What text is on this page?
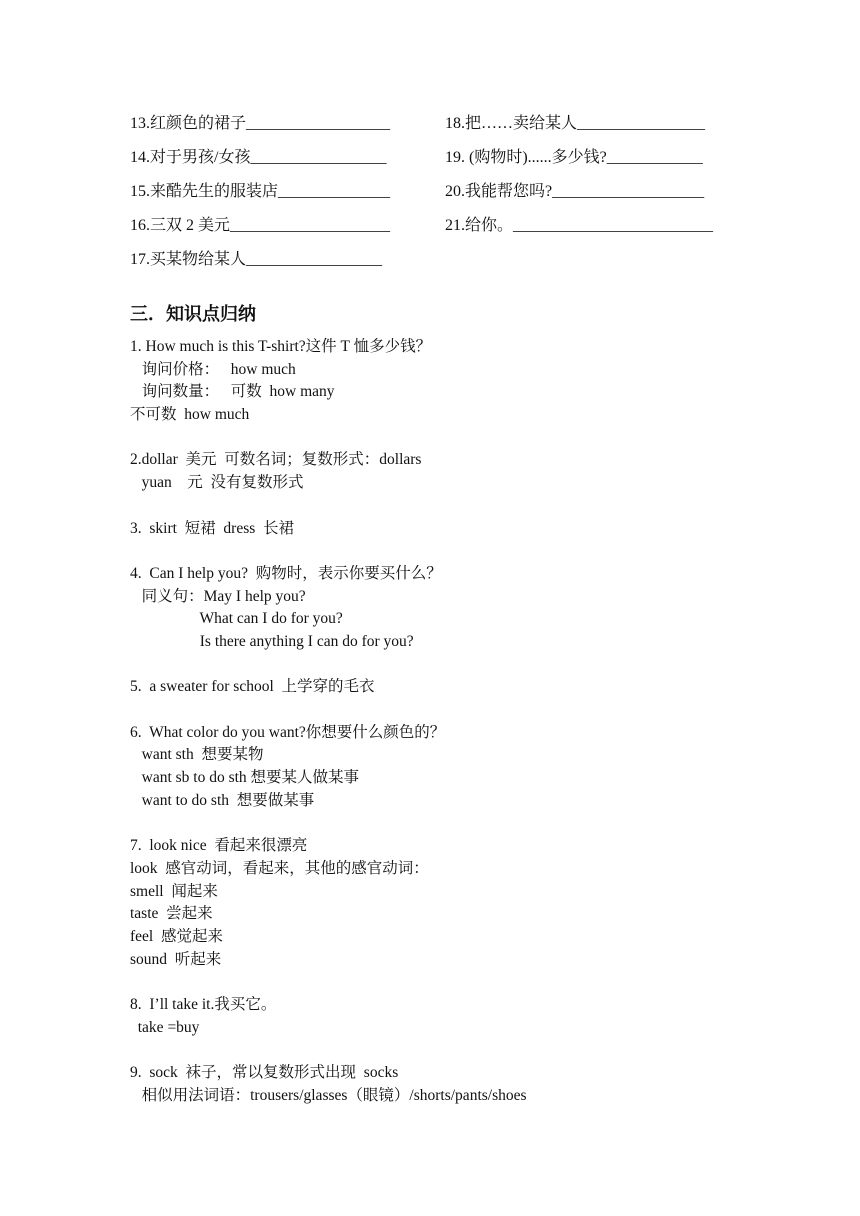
13.红颜色的裙子__________________	18.把……卖给某人________________
14.对于男孩/女孩_________________	19. (购物时)......多少钱?____________
15.来酷先生的服装店______________	20.我能帮您吗?___________________
16.三双 2 美元____________________	21.给你。_________________________
17.买某物给某人_________________
三．知识点归纳
1. How much is this T-shirt?这件 T 恤多少钱？
询问价格：   how much
询问数量：   可数  how many
不可数  how much
2.dollar  美元  可数名词；复数形式：dollars
yuan    元  没有复数形式
3.  skirt  短裙  dress  长裙
4.  Can I help you?  购物时，表示你要买什么？
同义句：May I help you?
What can I do for you?
Is there anything I can do for you?
5.  a sweater for school  上学穿的毛衣
6.  What color do you want?你想要什么颜色的？
want sth  想要某物
want sb to do sth 想要某人做某事
want to do sth  想要做某事
7.  look nice  看起来很漂亮
look  感官动词，看起来，其他的感官动词：
smell  闻起来
taste  尝起来
feel  感觉起来
sound  听起来
8.  I’ll take it.我买它。
take =buy
9.  sock  袜子，常以复数形式出现  socks
相似用法词语：trousers/glasses（眼镜）/shorts/pants/shoes
